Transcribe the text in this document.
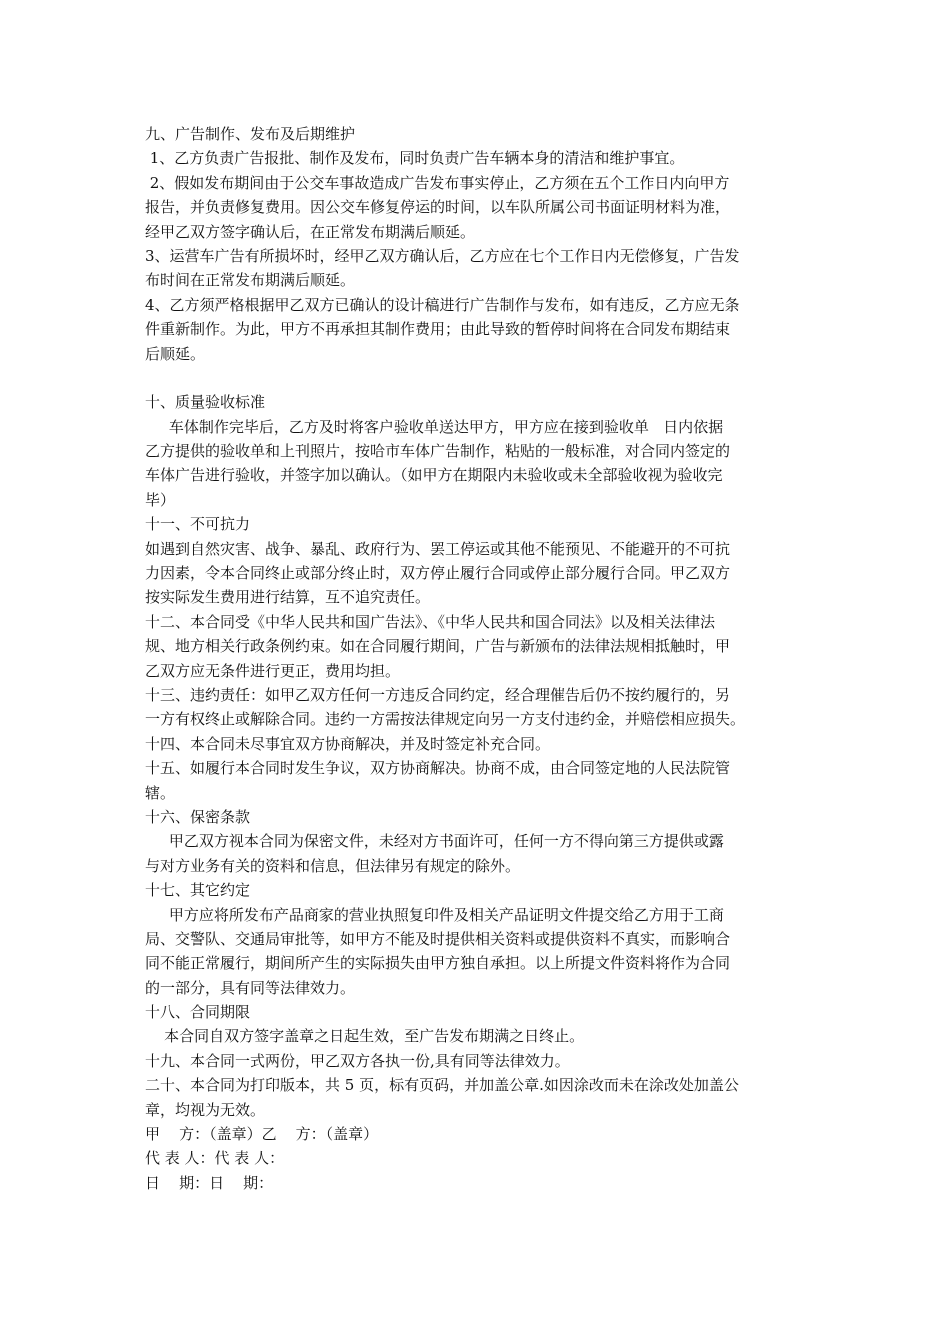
九、广告制作、发布及后期维护
1、乙方负责广告报批、制作及发布，同时负责广告车辆本身的清洁和维护事宜。
2、假如发布期间由于公交车事故造成广告发布事实停止，乙方须在五个工作日内向甲方
报告，并负责修复费用。因公交车修复停运的时间，以车队所属公司书面证明材料为准，
经甲乙双方签字确认后，在正常发布期满后顺延。
3、运营车广告有所损坏时，经甲乙双方确认后，乙方应在七个工作日内无偿修复，广告发
布时间在正常发布期满后顺延。
4、乙方须严格根据甲乙双方已确认的设计稿进行广告制作与发布，如有违反，乙方应无条
件重新制作。为此，甲方不再承担其制作费用；由此导致的暂停时间将在合同发布期结束
后顺延。
十、质量验收标准
车体制作完毕后，乙方及时将客户验收单送达甲方，甲方应在接到验收单   日内依据
乙方提供的验收单和上刊照片，按哈市车体广告制作，粘贴的一般标准，对合同内签定的
车体广告进行验收，并签字加以确认。（如甲方在期限内未验收或未全部验收视为验收完
毕）
十一、不可抗力
如遇到自然灾害、战争、暴乱、政府行为、罢工停运或其他不能预见、不能避开的不可抗
力因素，令本合同终止或部分终止时，双方停止履行合同或停止部分履行合同。甲乙双方
按实际发生费用进行结算，互不追究责任。
十二、本合同受《中华人民共和国广告法》、《中华人民共和国合同法》以及相关法律法
规、地方相关行政条例约束。如在合同履行期间，广告与新颁布的法律法规相抵触时，甲
乙双方应无条件进行更正，费用均担。
十三、违约责任：如甲乙双方任何一方违反合同约定，经合理催告后仍不按约履行的，另
一方有权终止或解除合同。违约一方需按法律规定向另一方支付违约金，并赔偿相应损失。
十四、本合同未尽事宜双方协商解决，并及时签定补充合同。
十五、如履行本合同时发生争议，双方协商解决。协商不成，由合同签定地的人民法院管
辖。
十六、保密条款
甲乙双方视本合同为保密文件，未经对方书面许可，任何一方不得向第三方提供或露
与对方业务有关的资料和信息，但法律另有规定的除外。
十七、其它约定
甲方应将所发布产品商家的营业执照复印件及相关产品证明文件提交给乙方用于工商
局、交警队、交通局审批等，如甲方不能及时提供相关资料或提供资料不真实，而影响合
同不能正常履行，期间所产生的实际损失由甲方独自承担。以上所提文件资料将作为合同
的一部分，具有同等法律效力。
十八、合同期限
本合同自双方签字盖章之日起生效，至广告发布期满之日终止。
十九、本合同一式两份，甲乙双方各执一份,具有同等法律效力。
二十、本合同为打印版本，共 5 页，标有页码，并加盖公章.如因涂改而未在涂改处加盖公
章，均视为无效。
甲    方：（盖章）乙    方：（盖章）
代 表 人：代 表 人：
日    期：日    期：
